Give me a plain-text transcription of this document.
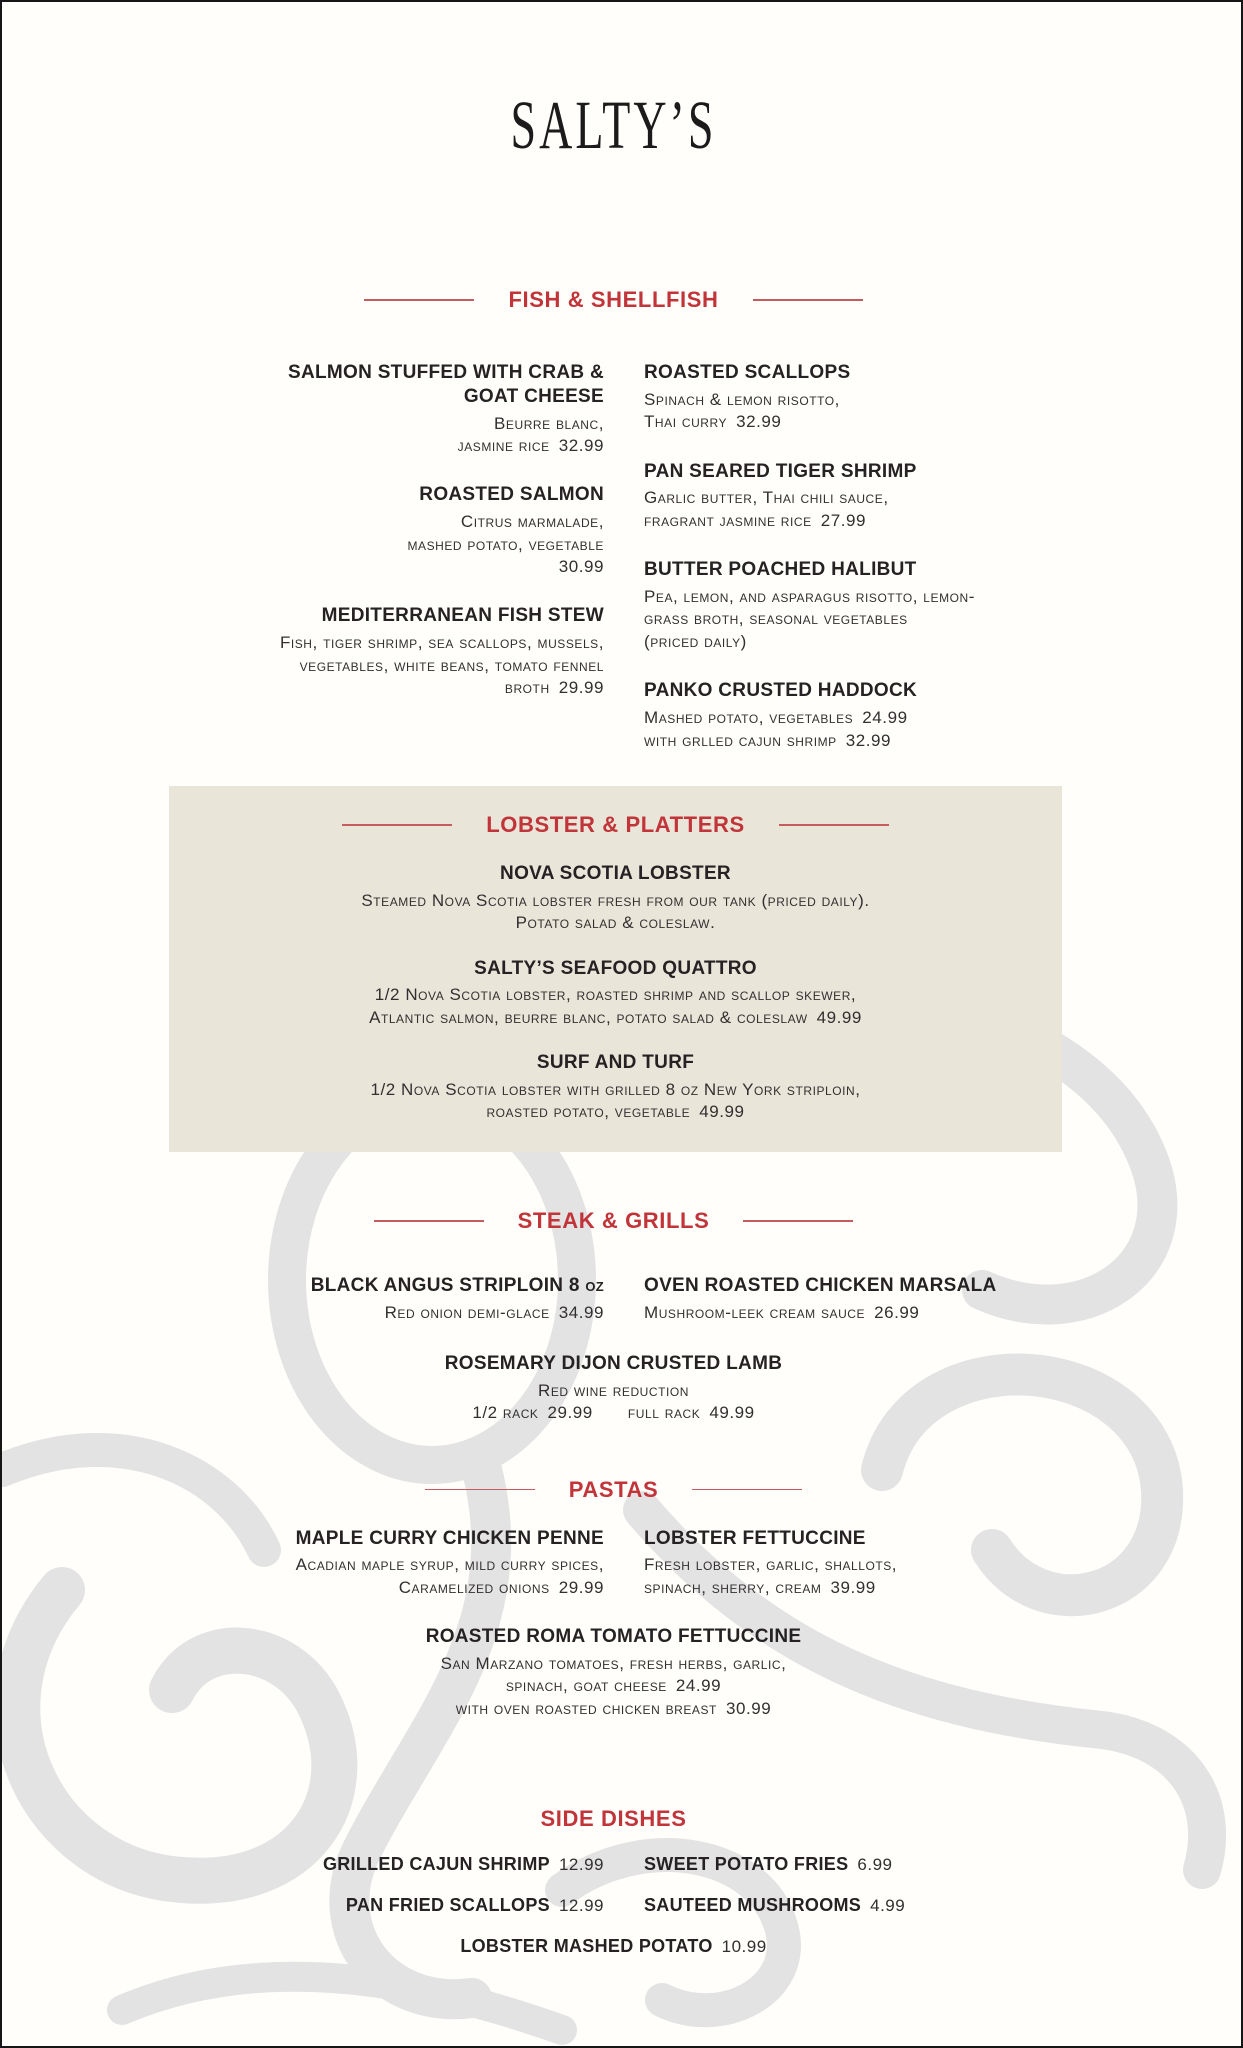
SALTY’S
FISH & SHELLFISH
SALMON STUFFED WITH CRAB & GOAT CHEESE
Beurre blanc,
jasmine rice 32.99
ROASTED SALMON
Citrus marmalade,
mashed potato, vegetable
30.99
MEDITERRANEAN FISH STEW
Fish, tiger shrimp, sea scallops, mussels,
vegetables, white beans, tomato fennel
broth 29.99
ROASTED SCALLOPS
Spinach & lemon risotto,
Thai curry 32.99
PAN SEARED TIGER SHRIMP
Garlic butter, Thai chili sauce,
fragrant jasmine rice 27.99
BUTTER POACHED HALIBUT
Pea, lemon, and asparagus risotto, lemon-
grass broth, seasonal vegetables
(priced daily)
PANKO CRUSTED HADDOCK
Mashed potato, vegetables 24.99
with grlled cajun shrimp 32.99
LOBSTER & PLATTERS
NOVA SCOTIA LOBSTER
Steamed Nova Scotia lobster fresh from our tank (priced daily).
Potato salad & coleslaw.
SALTY’S SEAFOOD QUATTRO
1/2 Nova Scotia lobster, roasted shrimp and scallop skewer,
Atlantic salmon, beurre blanc, potato salad & coleslaw 49.99
SURF AND TURF
1/2 Nova Scotia lobster with grilled 8 oz New York striploin,
roasted potato, vegetable 49.99
STEAK & GRILLS
BLACK ANGUS STRIPLOIN 8 oz
Red onion demi-glace 34.99
OVEN ROASTED CHICKEN MARSALA
Mushroom-leek cream sauce 26.99
ROSEMARY DIJON CRUSTED LAMB
Red wine reduction
1/2 rack 29.99  full rack 49.99
PASTAS
MAPLE CURRY CHICKEN PENNE
Acadian maple syrup, mild curry spices,
Caramelized onions 29.99
LOBSTER FETTUCCINE
Fresh lobster, garlic, shallots,
spinach, sherry, cream 39.99
ROASTED ROMA TOMATO FETTUCCINE
San Marzano tomatoes, fresh herbs, garlic,
spinach, goat cheese 24.99
with oven roasted chicken breast 30.99
SIDE DISHES
GRILLED CAJUN SHRIMP 12.99 SWEET POTATO FRIES 6.99
PAN FRIED SCALLOPS 12.99 SAUTEED MUSHROOMS 4.99
LOBSTER MASHED POTATO 10.99
